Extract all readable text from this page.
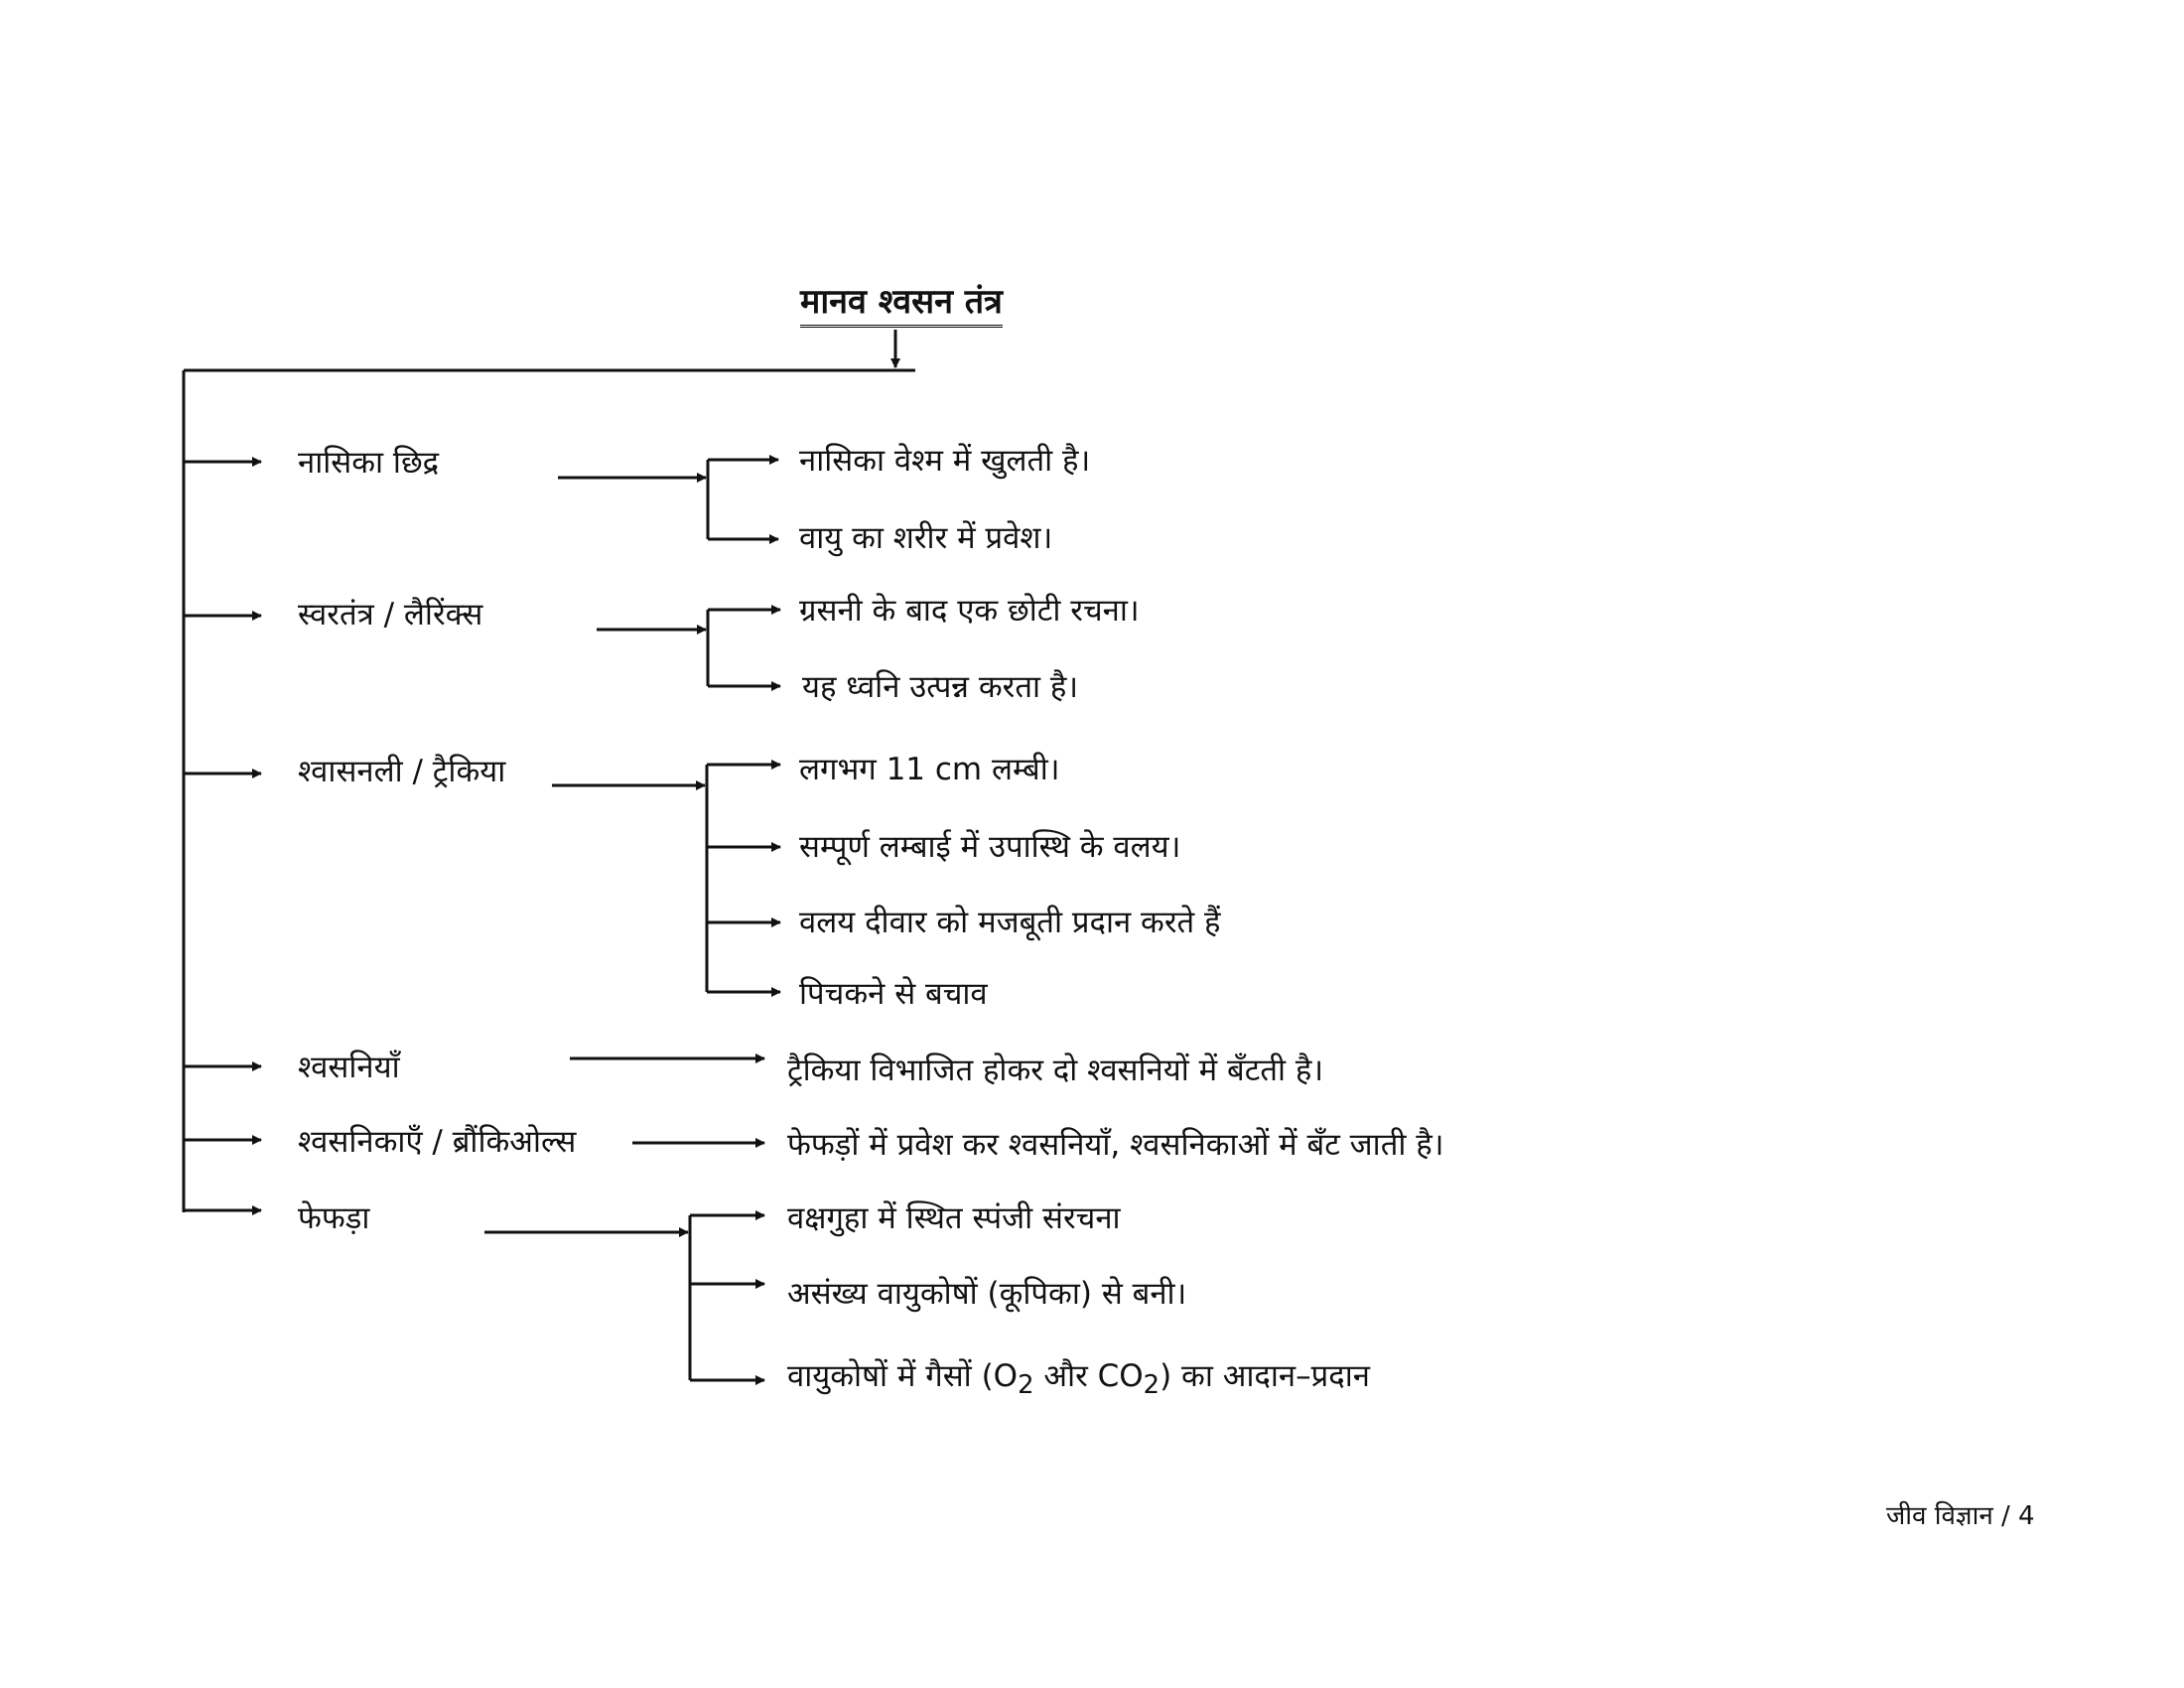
मानव श्वसन तंत्र
नासिका छिद्र
स्वरतंत्र / लैरिंक्स
श्वासनली / ट्रैकिया
श्वसनियाँ
श्वसनिकाएँ / ब्रौंकिओल्स
फेफड़ा
नासिका वेश्म में खुलती है।
वायु का शरीर में प्रवेश।
ग्रसनी के बाद एक छोटी रचना।
यह ध्वनि उत्पन्न करता है।
लगभग 11 cm लम्बी।
सम्पूर्ण लम्बाई में उपास्थि के वलय।
वलय दीवार को मजबूती प्रदान करते हैं
पिचकने से बचाव
ट्रैकिया विभाजित होकर दो श्वसनियों में बँटती है।
फेफड़ों में प्रवेश कर श्वसनियाँ, श्वसनिकाओं में बँट जाती है।
वक्षगुहा में स्थित स्पंजी संरचना
असंख्य वायुकोषों (कूपिका) से बनी।
वायुकोषों में गैसों ($O_2$ और $CO_2$) का आदान–प्रदान
जीव विज्ञान / 4
